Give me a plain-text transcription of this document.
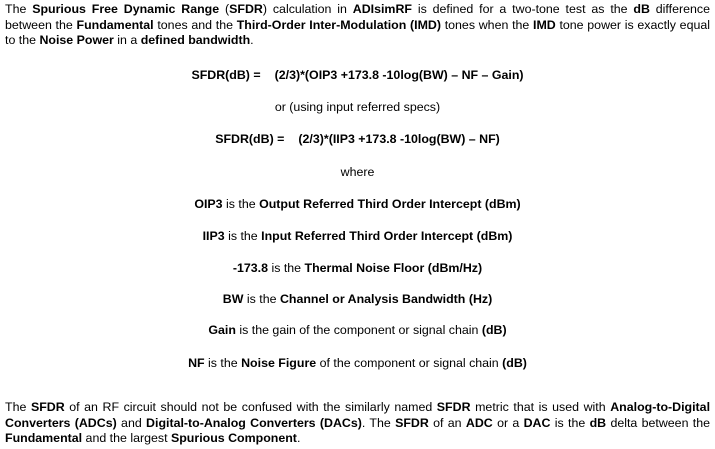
The Spurious Free Dynamic Range (SFDR) calculation in ADIsimRF is defined for a two-tone test as the dB difference between the Fundamental tones and the Third-Order Inter-Modulation (IMD) tones when the IMD tone power is exactly equal to the Noise Power in a defined bandwidth.

SFDR(dB) = (2/3)*(OIP3 +173.8 -10log(BW) – NF – Gain)
or (using input referred specs)
SFDR(dB) = (2/3)*(IIP3 +173.8 -10log(BW) – NF)
where
OIP3 is the Output Referred Third Order Intercept (dBm)
IIP3 is the Input Referred Third Order Intercept (dBm)
-173.8 is the Thermal Noise Floor (dBm/Hz)
BW is the Channel or Analysis Bandwidth (Hz)
Gain is the gain of the component or signal chain (dB)
NF is the Noise Figure of the component or signal chain (dB)

The SFDR of an RF circuit should not be confused with the similarly named SFDR metric that is used with Analog-to-Digital Converters (ADCs) and Digital-to-Analog Converters (DACs). The SFDR of an ADC or a DAC is the dB delta between the Fundamental and the largest Spurious Component.
